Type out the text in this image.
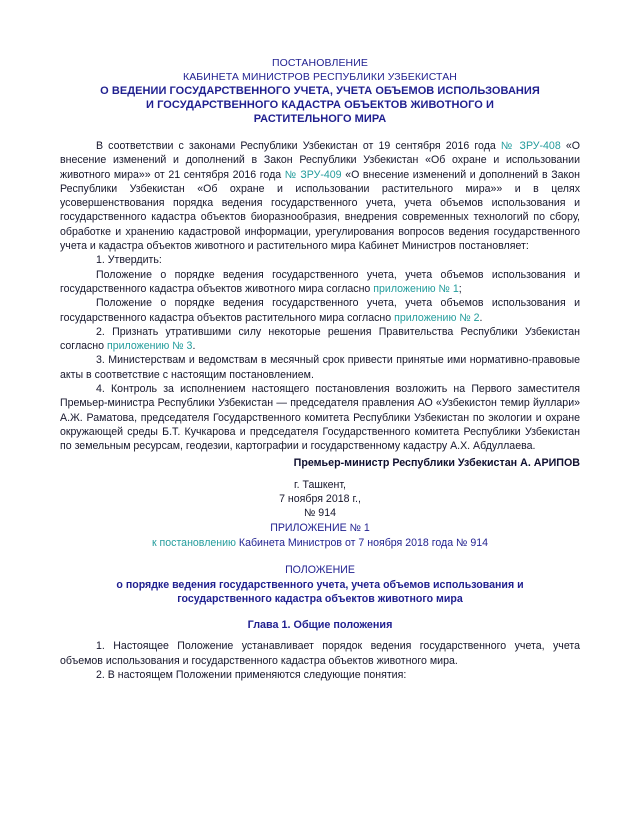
ПОСТАНОВЛЕНИЕ
КАБИНЕТА МИНИСТРОВ РЕСПУБЛИКИ УЗБЕКИСТАН
О ВЕДЕНИИ ГОСУДАРСТВЕННОГО УЧЕТА, УЧЕТА ОБЪЕМОВ ИСПОЛЬЗОВАНИЯ
И ГОСУДАРСТВЕННОГО КАДАСТРА ОБЪЕКТОВ ЖИВОТНОГО И
РАСТИТЕЛЬНОГО МИРА

В соответствии с законами Республики Узбекистан от 19 сентября 2016 года № ЗРУ-408 «О внесение изменений и дополнений в Закон Республики Узбекистан «Об охране и использовании животного мира»» от 21 сентября 2016 года № ЗРУ-409 «О внесение изменений и дополнений в Закон Республики Узбекистан «Об охране и использовании растительного мира»» и в целях усовершенствования порядка ведения государственного учета, учета объемов использования и государственного кадастра объектов биоразнообразия, внедрения современных технологий по сбору, обработке и хранению кадастровой информации, урегулирования вопросов ведения государственного учета и кадастра объектов животного и растительного мира Кабинет Министров постановляет:

1. Утвердить:

Положение о порядке ведения государственного учета, учета объемов использования и государственного кадастра объектов животного мира согласно приложению № 1;

Положение о порядке ведения государственного учета, учета объемов использования и государственного кадастра объектов растительного мира согласно приложению № 2.

2. Признать утратившими силу некоторые решения Правительства Республики Узбекистан согласно приложению № 3.

3. Министерствам и ведомствам в месячный срок привести принятые ими нормативно-правовые акты в соответствие с настоящим постановлением.

4. Контроль за исполнением настоящего постановления возложить на Первого заместителя Премьер-министра Республики Узбекистан — председателя правления АО «Узбекистон темир йуллари» А.Ж. Раматова, председателя Государственного комитета Республики Узбекистан по экологии и охране окружающей среды Б.Т. Кучкарова и председателя Государственного комитета Республики Узбекистан по земельным ресурсам, геодезии, картографии и государственному кадастру А.Х. Абдуллаева.

Премьер-министр Республики Узбекистан А. АРИПОВ
г. Ташкент,
7 ноября 2018 г.,
№ 914
ПРИЛОЖЕНИЕ № 1
к постановлению Кабинета Министров от 7 ноября 2018 года № 914
ПОЛОЖЕНИЕ
о порядке ведения государственного учета, учета объемов использования и
государственного кадастра объектов животного мира
Глава 1. Общие положения

1. Настоящее Положение устанавливает порядок ведения государственного учета, учета объемов использования и государственного кадастра объектов животного мира.

2. В настоящем Положении применяются следующие понятия:
